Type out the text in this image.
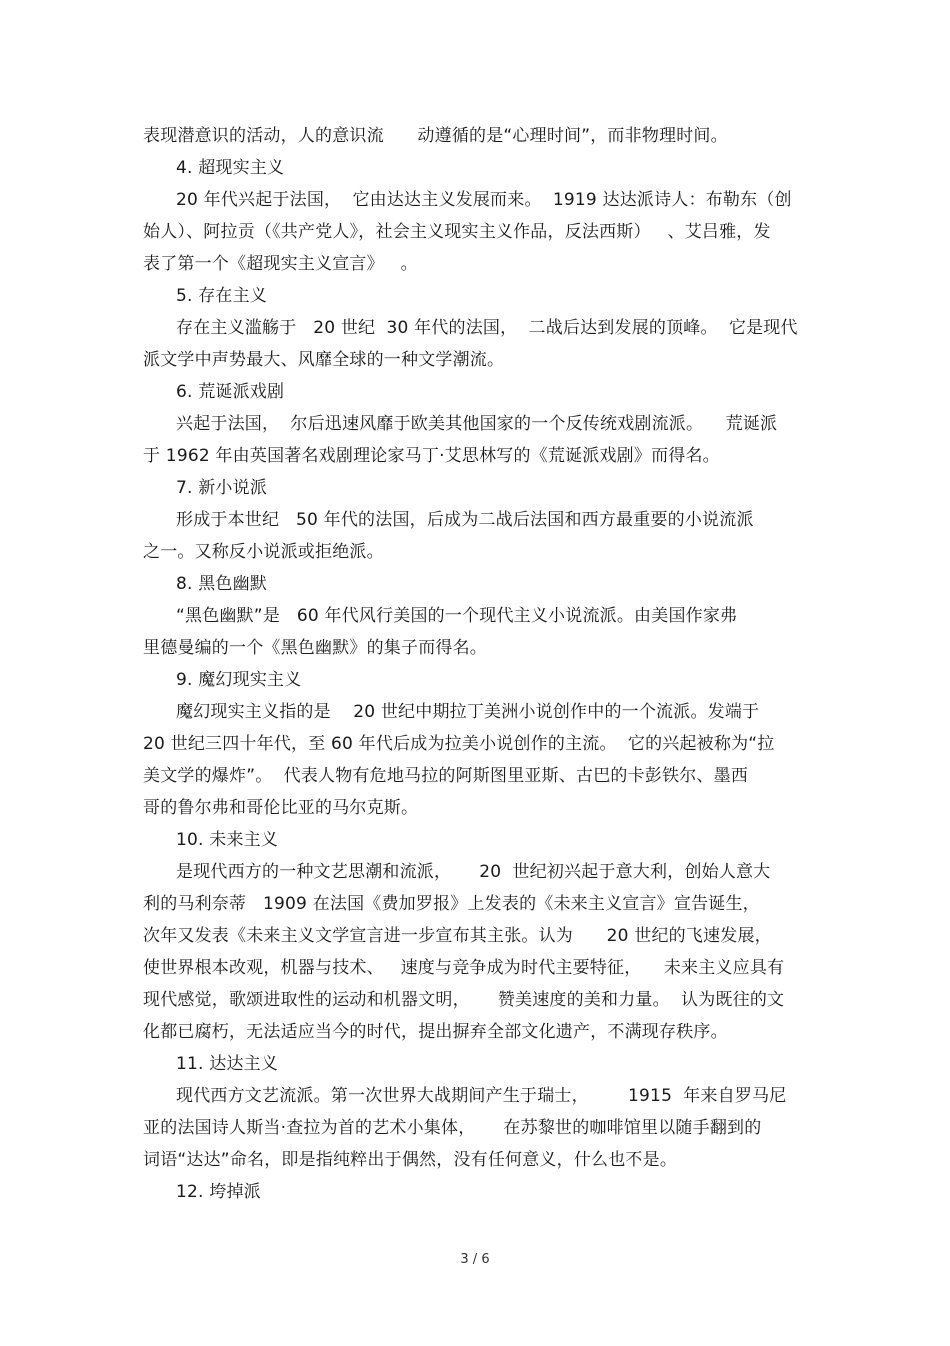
表现潜意识的活动，人的意识流      动遵循的是“心理时间”，而非物理时间。
4. 超现实主义
20 年代兴起于法国，  它由达达主义发展而来。  1919 达达派诗人：布勒东（创
始人）、阿拉贡（《共产党人》，社会主义现实主义作品，反法西斯）   、艾吕雅，发
表了第一个《超现实主义宣言》   。
5. 存在主义
存在主义滥觞于   20 世纪  30 年代的法国，  二战后达到发展的顶峰。  它是现代
派文学中声势最大、风靡全球的一种文学潮流。
6. 荒诞派戏剧
兴起于法国，  尔后迅速风靡于欧美其他国家的一个反传统戏剧流派。    荒诞派
于 1962 年由英国著名戏剧理论家马丁·艾思林写的《荒诞派戏剧》而得名。
7. 新小说派
形成于本世纪   50 年代的法国，后成为二战后法国和西方最重要的小说流派
之一。又称反小说派或拒绝派。
8. 黑色幽默
“黑色幽默”是   60 年代风行美国的一个现代主义小说流派。由美国作家弗
里德曼编的一个《黑色幽默》的集子而得名。
9. 魔幻现实主义
魔幻现实主义指的是    20 世纪中期拉丁美洲小说创作中的一个流派。发端于
20 世纪三四十年代，至 60 年代后成为拉美小说创作的主流。  它的兴起被称为“拉
美文学的爆炸”。  代表人物有危地马拉的阿斯图里亚斯、古巴的卡彭铁尔、墨西
哥的鲁尔弗和哥伦比亚的马尔克斯。
10. 未来主义
是现代西方的一种文艺思潮和流派，     20  世纪初兴起于意大利，创始人意大
利的马利奈蒂   1909 在法国《费加罗报》上发表的《未来主义宣言》宣告诞生，
次年又发表《未来主义文学宣言进一步宣布其主张。认为      20 世纪的飞速发展，
使世界根本改观，机器与技术、   速度与竞争成为时代主要特征，    未来主义应具有
现代感觉，歌颂进取性的运动和机器文明，     赞美速度的美和力量。  认为既往的文
化都已腐朽，无法适应当今的时代，提出摒弃全部文化遗产，不满现存秩序。
11. 达达主义
现代西方文艺流派。第一次世界大战期间产生于瑞士，       1915  年来自罗马尼
亚的法国诗人斯当·查拉为首的艺术小集体，     在苏黎世的咖啡馆里以随手翻到的
词语“达达”命名，即是指纯粹出于偶然，没有任何意义，什么也不是。
12. 垮掉派
3 / 6
